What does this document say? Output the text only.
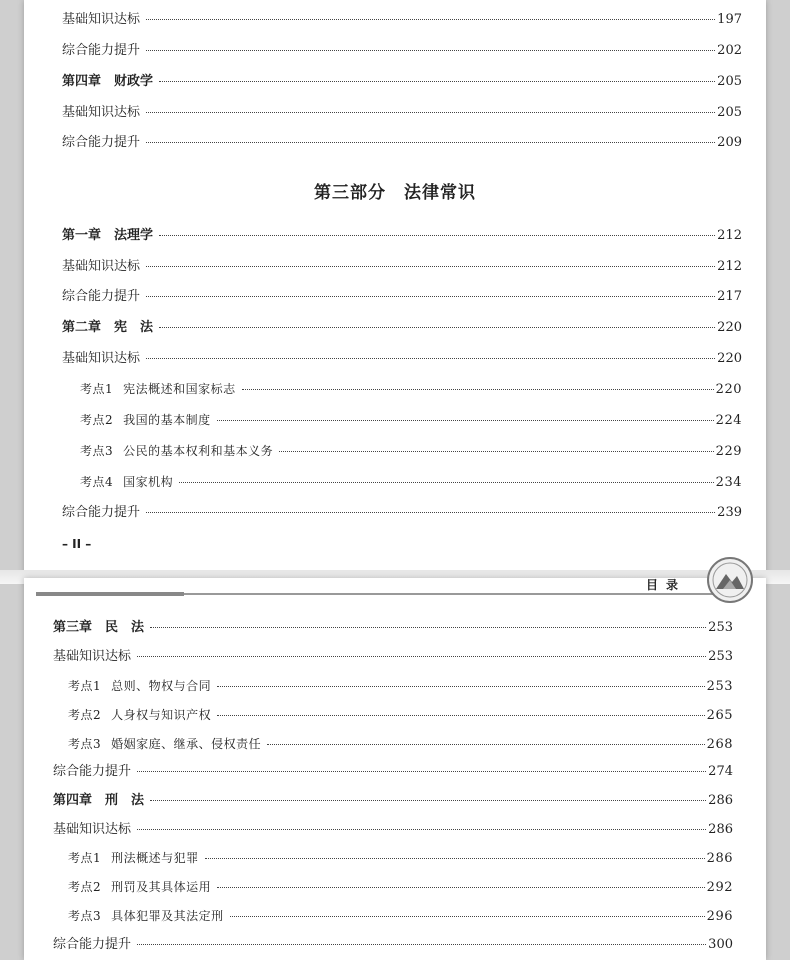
基础知识达标	197
综合能力提升	202
第四章　财政学	205
基础知识达标	205
综合能力提升	209
第三部分　法律常识
第一章　法理学	212
基础知识达标	212
综合能力提升	217
第二章　宪　法	220
基础知识达标	220
考点1 宪法概述和国家标志	220
考点2 我国的基本制度	224
考点3 公民的基本权利和基本义务	229
考点4 国家机构	234
综合能力提升	239
– II –
目录
第三章　民　法	253
基础知识达标	253
考点1 总则、物权与合同	253
考点2 人身权与知识产权	265
考点3 婚姻家庭、继承、侵权责任	268
综合能力提升	274
第四章　刑　法	286
基础知识达标	286
考点1 刑法概述与犯罪	286
考点2 刑罚及其具体运用	292
考点3 具体犯罪及其法定刑	296
综合能力提升	300
